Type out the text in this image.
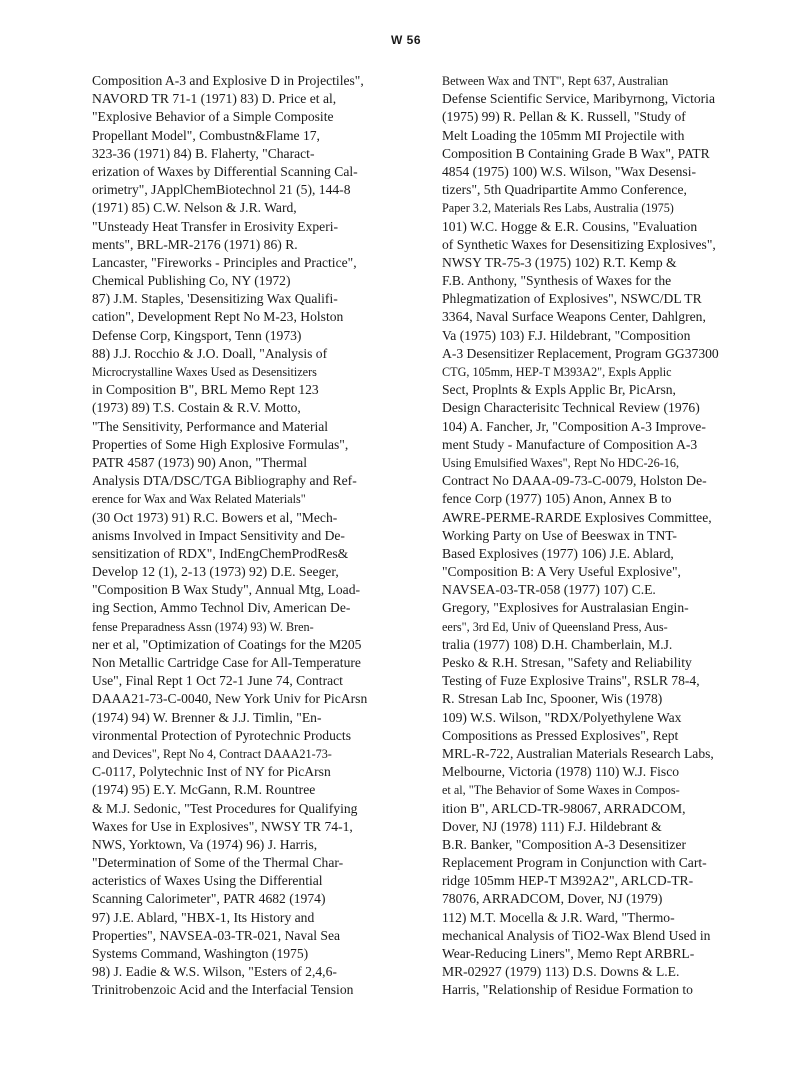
W 56
Composition A-3 and Explosive D in Projectiles",
NAVORD TR 71-1 (1971) 83) D. Price et al,
"Explosive Behavior of a Simple Composite
Propellant Model", Combustn&Flame 17,
323-36 (1971) 84) B. Flaherty, "Charact-
erization of Waxes by Differential Scanning Cal-
orimetry", JApplChemBiotechnol 21 (5), 144-8
(1971) 85) C.W. Nelson & J.R. Ward,
"Unsteady Heat Transfer in Erosivity Experi-
ments", BRL-MR-2176 (1971) 86) R.
Lancaster, "Fireworks - Principles and Practice",
Chemical Publishing Co, NY (1972)
87) J.M. Staples, 'Desensitizing Wax Qualifi-
cation", Development Rept No M-23, Holston
Defense Corp, Kingsport, Tenn (1973)
88) J.J. Rocchio & J.O. Doall, "Analysis of
Microcrystalline Waxes Used as Desensitizers
in Composition B", BRL Memo Rept 123
(1973) 89) T.S. Costain & R.V. Motto,
"The Sensitivity, Performance and Material
Properties of Some High Explosive Formulas",
PATR 4587 (1973) 90) Anon, "Thermal
Analysis DTA/DSC/TGA Bibliography and Ref-
erence for Wax and Wax Related Materials"
(30 Oct 1973) 91) R.C. Bowers et al, "Mech-
anisms Involved in Impact Sensitivity and De-
sensitization of RDX", IndEngChemProdRes&
Develop 12 (1), 2-13 (1973) 92) D.E. Seeger,
"Composition B Wax Study", Annual Mtg, Load-
ing Section, Ammo Technol Div, American De-
fense Preparadness Assn (1974) 93) W. Bren-
ner et al, "Optimization of Coatings for the M205
Non Metallic Cartridge Case for All-Temperature
Use", Final Rept 1 Oct 72-1 June 74, Contract
DAAA21-73-C-0040, New York Univ for PicArsn
(1974) 94) W. Brenner & J.J. Timlin, "En-
vironmental Protection of Pyrotechnic Products
and Devices", Rept No 4, Contract DAAA21-73-
C-0117, Polytechnic Inst of NY for PicArsn
(1974) 95) E.Y. McGann, R.M. Rountree
& M.J. Sedonic, "Test Procedures for Qualifying
Waxes for Use in Explosives", NWSY TR 74-1,
NWS, Yorktown, Va (1974) 96) J. Harris,
"Determination of Some of the Thermal Char-
acteristics of Waxes Using the Differential
Scanning Calorimeter", PATR 4682 (1974)
97) J.E. Ablard, "HBX-1, Its History and
Properties", NAVSEA-03-TR-021, Naval Sea
Systems Command, Washington (1975)
98) J. Eadie & W.S. Wilson, "Esters of 2,4,6-
Trinitrobenzoic Acid and the Interfacial Tension
Between Wax and TNT", Rept 637, Australian
Defense Scientific Service, Maribyrnong, Victoria
(1975) 99) R. Pellan & K. Russell, "Study of
Melt Loading the 105mm MI Projectile with
Composition B Containing Grade B Wax", PATR
4854 (1975) 100) W.S. Wilson, "Wax Desensi-
tizers", 5th Quadripartite Ammo Conference,
Paper 3.2, Materials Res Labs, Australia (1975)
101) W.C. Hogge & E.R. Cousins, "Evaluation
of Synthetic Waxes for Desensitizing Explosives",
NWSY TR-75-3 (1975) 102) R.T. Kemp &
F.B. Anthony, "Synthesis of Waxes for the
Phlegmatization of Explosives", NSWC/DL TR
3364, Naval Surface Weapons Center, Dahlgren,
Va (1975) 103) F.J. Hildebrant, "Composition
A-3 Desensitizer Replacement, Program GG37300
CTG, 105mm, HEP-T M393A2", Expls Applic
Sect, Proplnts & Expls Applic Br, PicArsn,
Design Characterisitc Technical Review (1976)
104) A. Fancher, Jr, "Composition A-3 Improve-
ment Study - Manufacture of Composition A-3
Using Emulsified Waxes", Rept No HDC-26-16,
Contract No DAAA-09-73-C-0079, Holston De-
fence Corp (1977) 105) Anon, Annex B to
AWRE-PERME-RARDE Explosives Committee,
Working Party on Use of Beeswax in TNT-
Based Explosives (1977) 106) J.E. Ablard,
"Composition B: A Very Useful Explosive",
NAVSEA-03-TR-058 (1977) 107) C.E.
Gregory, "Explosives for Australasian Engin-
eers", 3rd Ed, Univ of Queensland Press, Aus-
tralia (1977) 108) D.H. Chamberlain, M.J.
Pesko & R.H. Stresan, "Safety and Reliability
Testing of Fuze Explosive Trains", RSLR 78-4,
R. Stresan Lab Inc, Spooner, Wis (1978)
109) W.S. Wilson, "RDX/Polyethylene Wax
Compositions as Pressed Explosives", Rept
MRL-R-722, Australian Materials Research Labs,
Melbourne, Victoria (1978) 110) W.J. Fisco
et al, "The Behavior of Some Waxes in Compos-
ition B", ARLCD-TR-98067, ARRADCOM,
Dover, NJ (1978) 111) F.J. Hildebrant &
B.R. Banker, "Composition A-3 Desensitizer
Replacement Program in Conjunction with Cart-
ridge 105mm HEP-T M392A2", ARLCD-TR-
78076, ARRADCOM, Dover, NJ (1979)
112) M.T. Mocella & J.R. Ward, "Thermo-
mechanical Analysis of TiO2-Wax Blend Used in
Wear-Reducing Liners", Memo Rept ARBRL-
MR-02927 (1979) 113) D.S. Downs & L.E.
Harris, "Relationship of Residue Formation to
